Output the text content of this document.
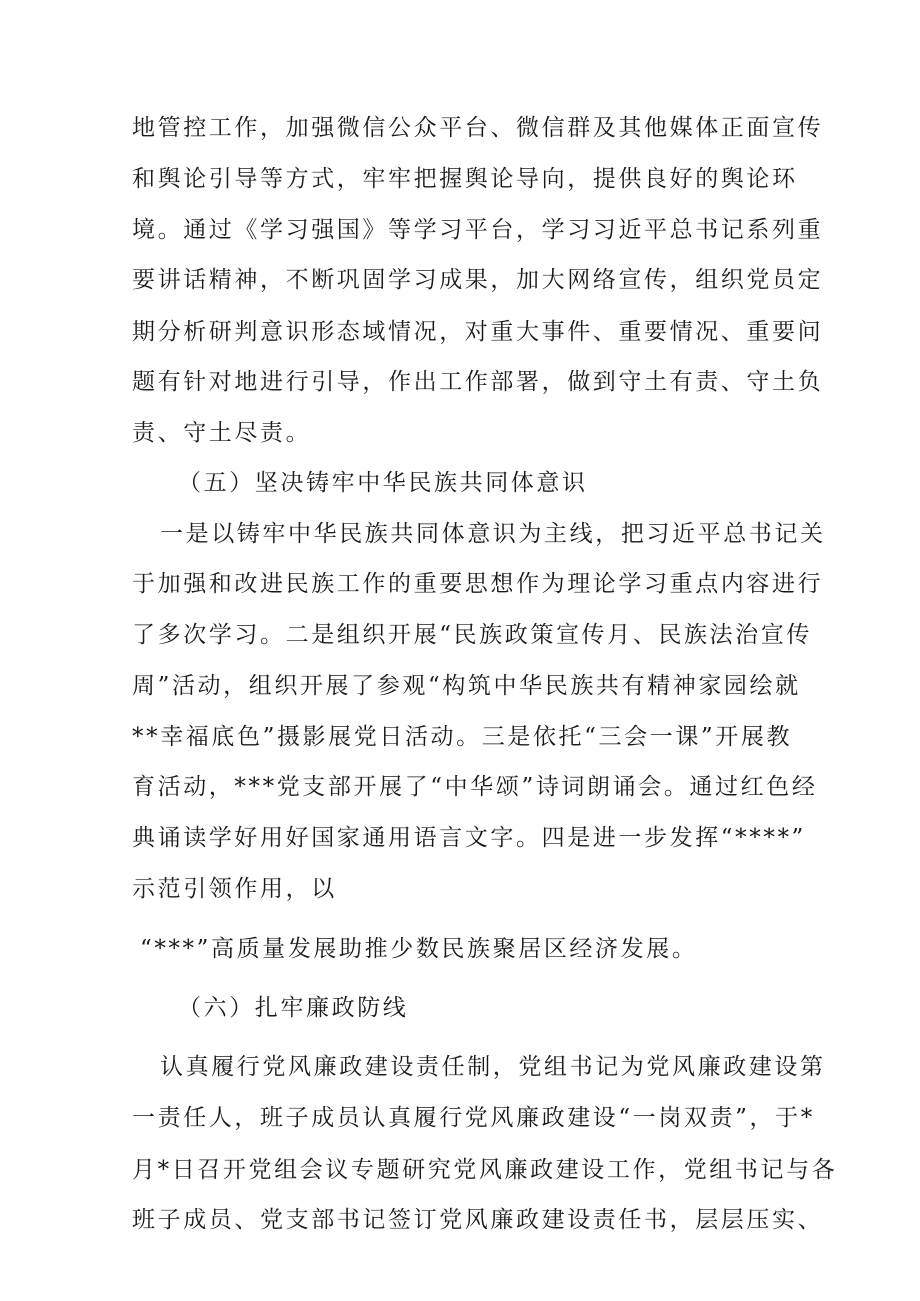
地管控工作，加强微信公众平台、微信群及其他媒体正面宣传
和舆论引导等方式，牢牢把握舆论导向，提供良好的舆论环
境。通过《学习强国》等学习平台，学习习近平总书记系列重
要讲话精神，不断巩固学习成果，加大网络宣传，组织党员定
期分析研判意识形态域情况，对重大事件、重要情况、重要问
题有针对地进行引导，作出工作部署，做到守土有责、守土负
责、守土尽责。
（五）坚决铸牢中华民族共同体意识
一是以铸牢中华民族共同体意识为主线，把习近平总书记关
于加强和改进民族工作的重要思想作为理论学习重点内容进行
了多次学习。二是组织开展“民族政策宣传月、民族法治宣传
周”活动，组织开展了参观“构筑中华民族共有精神家园绘就
**幸福底色”摄影展党日活动。三是依托“三会一课”开展教
育活动，***党支部开展了“中华颂”诗词朗诵会。通过红色经
典诵读学好用好国家通用语言文字。四是进一步发挥“****”
示范引领作用，以
“***”高质量发展助推少数民族聚居区经济发展。
（六）扎牢廉政防线
认真履行党风廉政建设责任制，党组书记为党风廉政建设第
一责任人，班子成员认真履行党风廉政建设“一岗双责”，于*
月*日召开党组会议专题研究党风廉政建设工作，党组书记与各
班子成员、党支部书记签订党风廉政建设责任书，层层压实、
